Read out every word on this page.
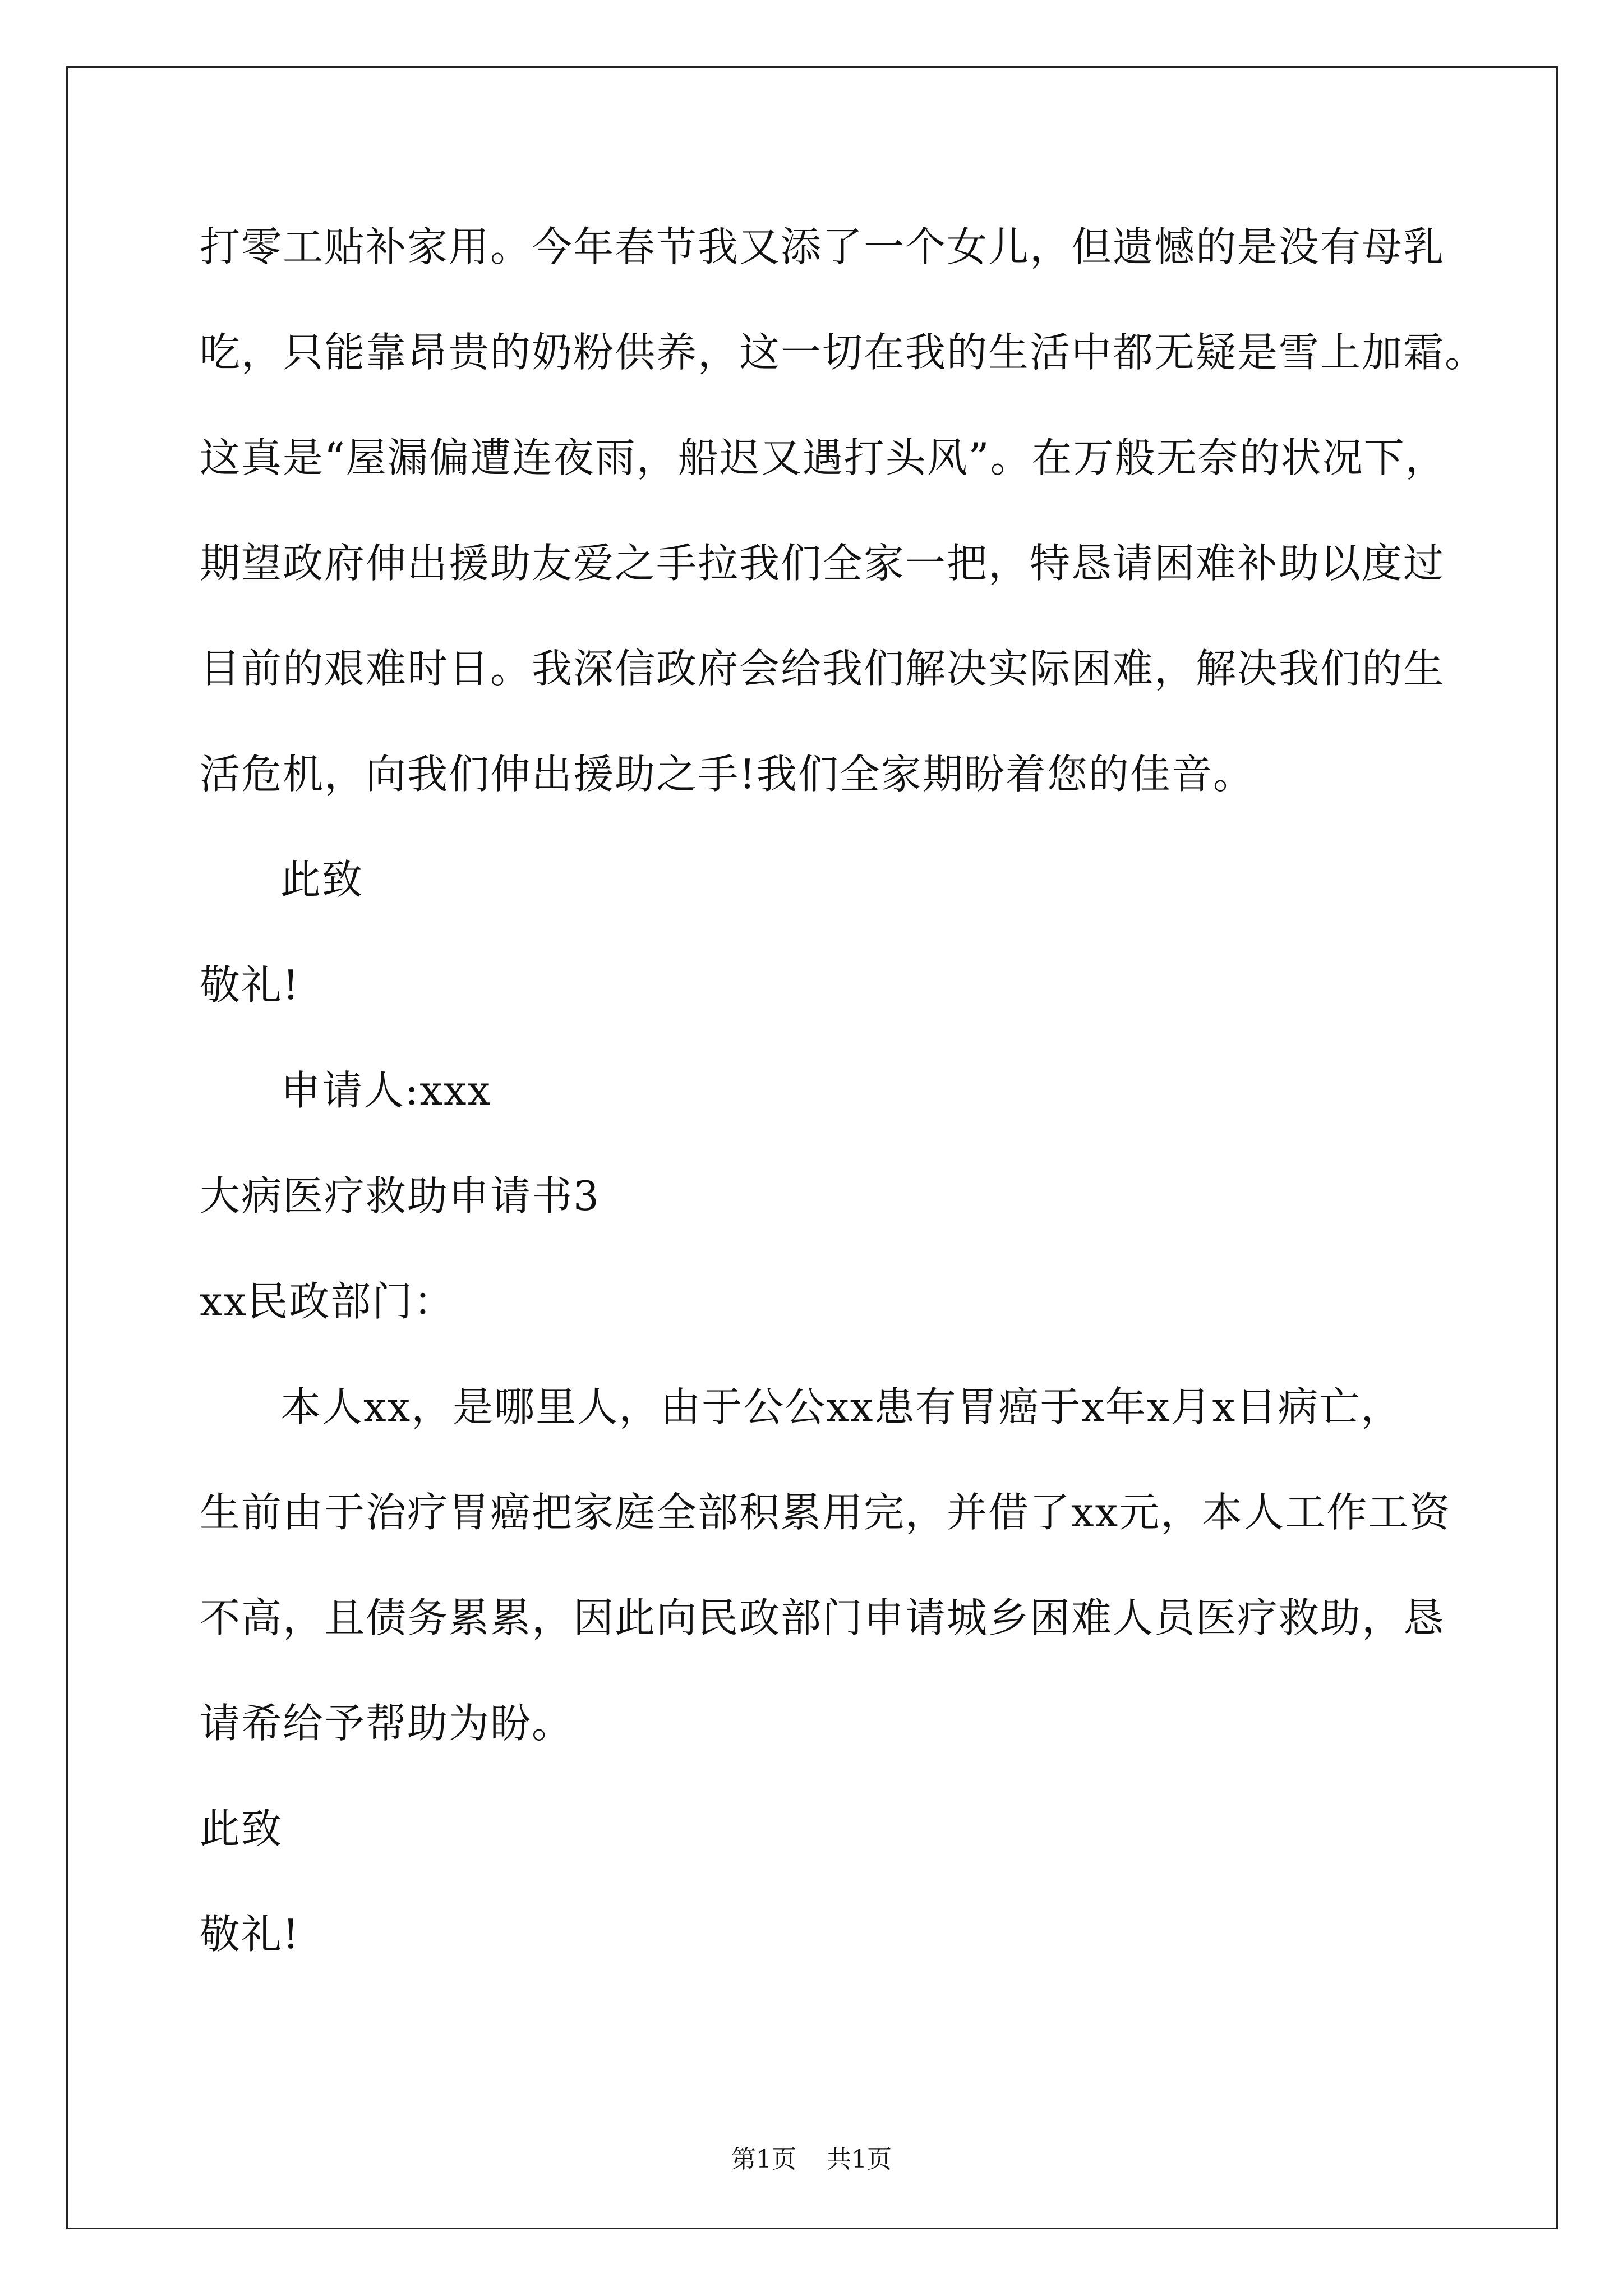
打零工贴补家用。今年春节我又添了一个女儿，但遗憾的是没有母乳
吃，只能靠昂贵的奶粉供养，这一切在我的生活中都无疑是雪上加霜。
这真是“屋漏偏遭连夜雨，船迟又遇打头风”。在万般无奈的状况下，
期望政府伸出援助友爱之手拉我们全家一把，特恳请困难补助以度过
目前的艰难时日。我深信政府会给我们解决实际困难，解决我们的生
活危机，向我们伸出援助之手!我们全家期盼着您的佳音。
此致
敬礼!
申请人:xxx
大病医疗救助申请书3
xx民政部门：
本人xx，是哪里人，由于公公xx患有胃癌于x年x月x日病亡，
生前由于治疗胃癌把家庭全部积累用完，并借了xx元，本人工作工资
不高，且债务累累，因此向民政部门申请城乡困难人员医疗救助，恳
请希给予帮助为盼。
此致
敬礼!
第1页 共1页
